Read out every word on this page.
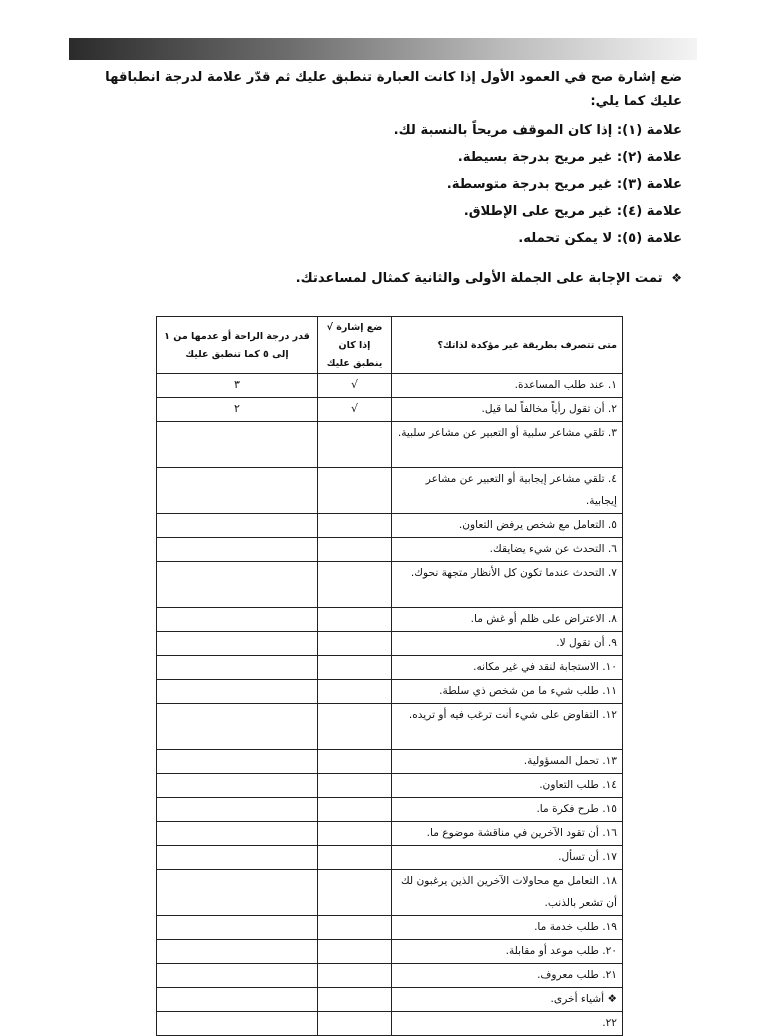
ضع إشارة صح في العمود الأول إذا كانت العبارة تنطبق عليك ثم قدّر علامة لدرجة انطباقها عليك كما يلي:
علامة (١): إذا كان الموقف مريحاً بالنسبة لك.
علامة (٢): غير مريح بدرجة بسيطة.
علامة (٣): غير مريح بدرجة متوسطة.
علامة (٤): غير مريح على الإطلاق.
علامة (٥): لا يمكن تحمله.
❖ تمت الإجابة على الجملة الأولى والثانية كمثال لمساعدتك.
متى تتصرف بطريقة غير مؤكدة لذاتك؟	ضع إشارة √ إذا كان ينطبق عليك	قدر درجة الراحة أو عدمها من ١ إلى ٥ كما تنطبق عليك
١. عند طلب المساعدة.	√	٣
٢. أن تقول رأياً مخالفاً لما قيل.	√	٢
٣. تلقي مشاعر سلبية أو التعبير عن مشاعر سلبية.		
٤. تلقي مشاعر إيجابية أو التعبير عن مشاعر إيجابية.		
٥. التعامل مع شخص يرفض التعاون.		
٦. التحدث عن شيء يضايقك.		
٧. التحدث عندما تكون كل الأنظار متجهة نحوك.		
٨. الاعتراض على ظلم أو غش ما.		
٩. أن تقول لا.		
١٠. الاستجابة لنقد في غير مكانه.		
١١. طلب شيء ما من شخص ذي سلطة.		
١٢. التفاوض على شيء أنت ترغب فيه أو تريده.		
١٣. تحمل المسؤولية.		
١٤. طلب التعاون.		
١٥. طرح فكرة ما.		
١٦. أن تقود الآخرين في مناقشة موضوع ما.		
١٧. أن تسأل.		
١٨. التعامل مع محاولات الآخرين الذين يرغبون لك أن تشعر بالذنب.		
١٩. طلب خدمة ما.		
٢٠. طلب موعد أو مقابلة.		
٢١. طلب معروف.		
❖ أشياء أخرى.		
٢٢.		
